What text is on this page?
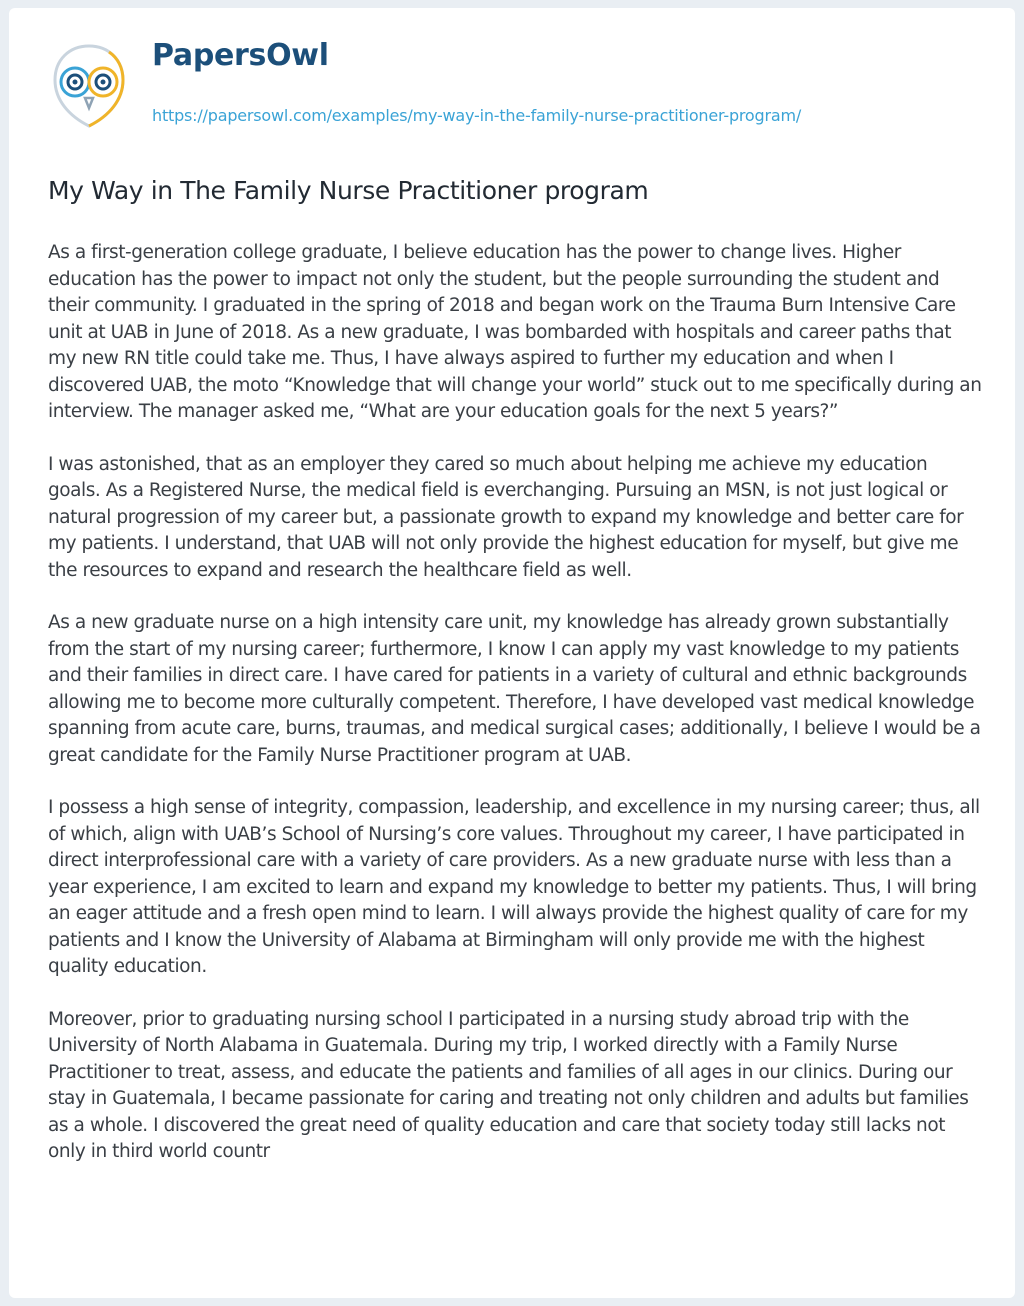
PapersOwl
https://papersowl.com/examples/my-way-in-the-family-nurse-practitioner-program/
My Way in The Family Nurse Practitioner program

As a first-generation college graduate, I believe education has the power to change lives. Higher education has the power to impact not only the student, but the people surrounding the student and their community. I graduated in the spring of 2018 and began work on the Trauma Burn Intensive Care unit at UAB in June of 2018. As a new graduate, I was bombarded with hospitals and career paths that my new RN title could take me. Thus, I have always aspired to further my education and when I discovered UAB, the moto “Knowledge that will change your world” stuck out to me specifically during an interview. The manager asked me, “What are your education goals for the next 5 years?”

I was astonished, that as an employer they cared so much about helping me achieve my education goals. As a Registered Nurse, the medical field is everchanging. Pursuing an MSN, is not just logical or natural progression of my career but, a passionate growth to expand my knowledge and better care for my patients. I understand, that UAB will not only provide the highest education for myself, but give me the resources to expand and research the healthcare field as well.

As a new graduate nurse on a high intensity care unit, my knowledge has already grown substantially from the start of my nursing career; furthermore, I know I can apply my vast knowledge to my patients and their families in direct care. I have cared for patients in a variety of cultural and ethnic backgrounds allowing me to become more culturally competent. Therefore, I have developed vast medical knowledge spanning from acute care, burns, traumas, and medical surgical cases; additionally, I believe I would be a great candidate for the Family Nurse Practitioner program at UAB.

I possess a high sense of integrity, compassion, leadership, and excellence in my nursing career; thus, all of which, align with UAB’s School of Nursing’s core values. Throughout my career, I have participated in direct interprofessional care with a variety of care providers. As a new graduate nurse with less than a year experience, I am excited to learn and expand my knowledge to better my patients. Thus, I will bring an eager attitude and a fresh open mind to learn. I will always provide the highest quality of care for my patients and I know the University of Alabama at Birmingham will only provide me with the highest quality education.

Moreover, prior to graduating nursing school I participated in a nursing study abroad trip with the University of North Alabama in Guatemala. During my trip, I worked directly with a Family Nurse Practitioner to treat, assess, and educate the patients and families of all ages in our clinics. During our stay in Guatemala, I became passionate for caring and treating not only children and adults but families as a whole. I discovered the great need of quality education and care that society today still lacks not only in third world countr
